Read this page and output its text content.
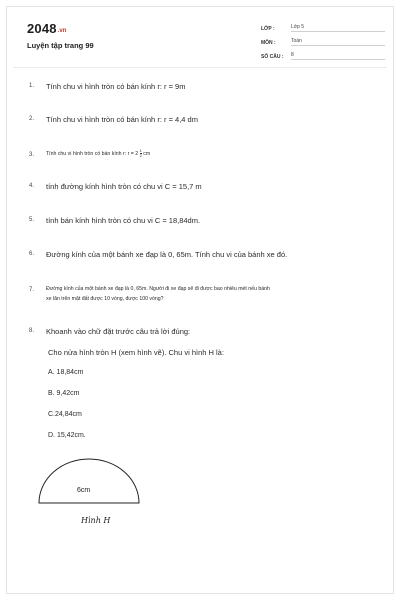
2048.vn
Luyện tập trang 99
LỚP :	Lớp 5
MÔN :	Toán
SỐ CÂU :	8
1.	Tính chu vi hình tròn có bán kính r: r = 9m
2.	Tính chu vi hình tròn có bán kính r: r = 4,4 dm
3.	Tính chu vi hình tròn có bán kính r: $r = 2 \frac{1}{2}$ cm
4.	tính đường kính hình tròn có chu vi C = 15,7 m
5.	tính bán kính hình tròn có chu vi C = 18,84dm.
6.	Đường kính của một bánh xe đạp là 0, 65m. Tính chu vi của bánh xe đó.
7.	Đường kính của một bánh xe đạp là 0, 65m. Người đi xe đạp sẽ đi được bao nhiêu mét nếu bánh
xe lăn trên mặt đất được 10 vòng, được 100 vòng?
8.	Khoanh vào chữ đặt trước câu trả lời đúng:
Cho nửa hình tròn H (xem hình vẽ). Chu vi hình H là:
A. 18,84cm
B. 9,42cm
C.24,84cm
D. 15,42cm.
6cm
Hình H
